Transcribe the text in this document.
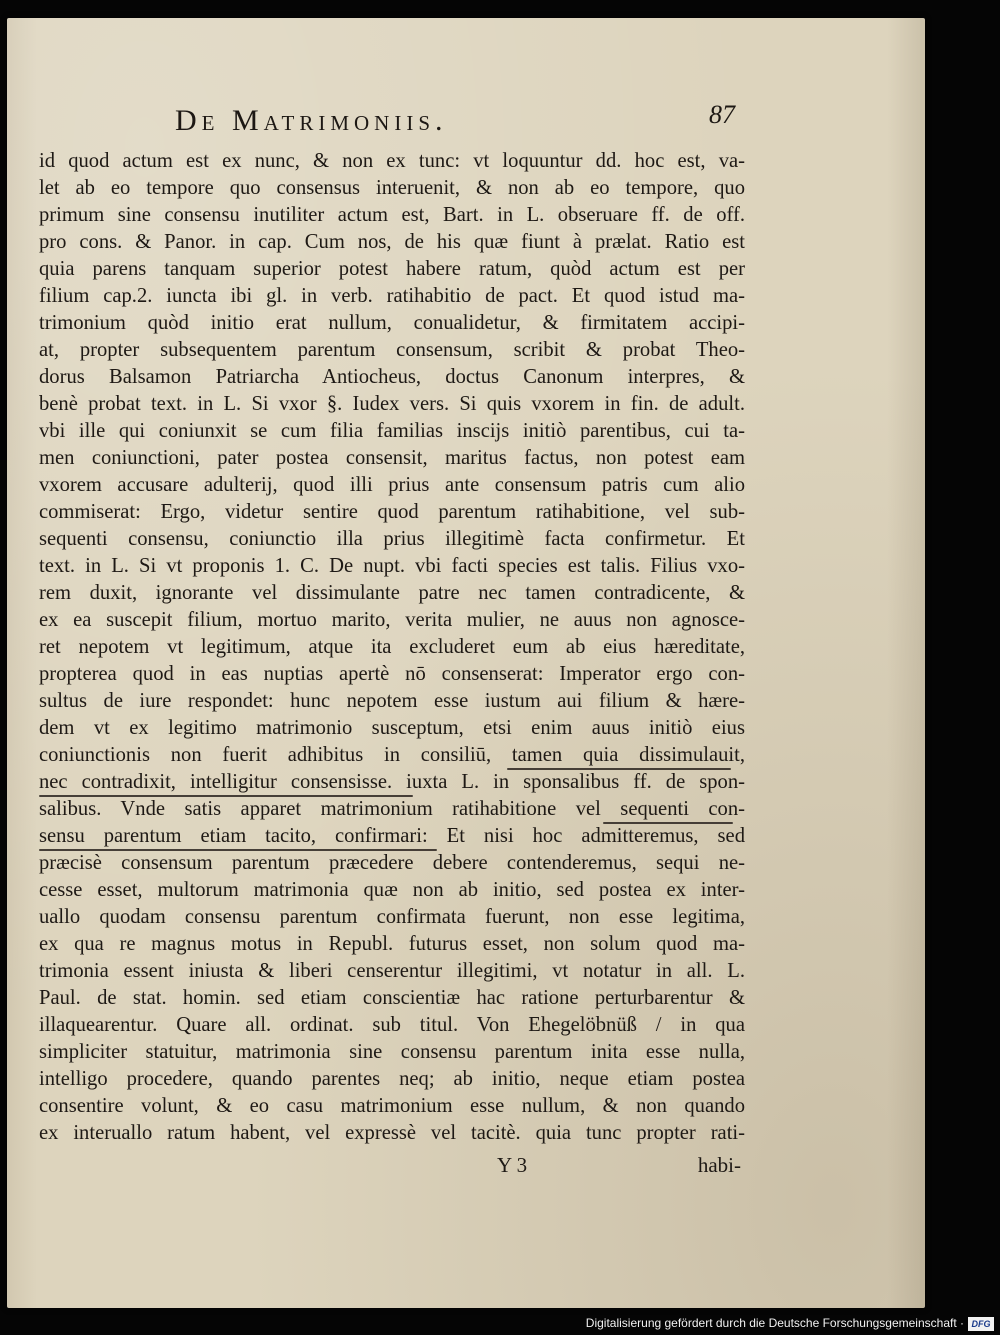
De Matrimoniis.	87
id quod actum est ex nunc, & non ex tunc: vt loquuntur dd. hoc est, va-
let ab eo tempore quo consensus interuenit, & non ab eo tempore, quo
primum sine consensu inutiliter actum est, Bart. in L. obseruare ff. de off.
pro cons. & Panor. in cap. Cum nos, de his quæ fiunt à prælat. Ratio est
quia parens tanquam superior potest habere ratum, quòd actum est per
filium cap.2. iuncta ibi gl. in verb. ratihabitio de pact. Et quod istud ma-
trimonium quòd initio erat nullum, conualidetur, & firmitatem accipi-
at, propter subsequentem parentum consensum, scribit & probat Theo-
dorus Balsamon Patriarcha Antiocheus, doctus Canonum interpres, &
benè probat text. in L. Si vxor §. Iudex vers. Si quis vxorem in fin. de adult.
vbi ille qui coniunxit se cum filia familias inscijs initiò parentibus, cui ta-
men coniunctioni, pater postea consensit, maritus factus, non potest eam
vxorem accusare adulterij, quod illi prius ante consensum patris cum alio
commiserat: Ergo, videtur sentire quod parentum ratihabitione, vel sub-
sequenti consensu, coniunctio illa prius illegitimè facta confirmetur. Et
text. in L. Si vt proponis 1. C. De nupt. vbi facti species est talis. Filius vxo-
rem duxit, ignorante vel dissimulante patre nec tamen contradicente, &
ex ea suscepit filium, mortuo marito, verita mulier, ne auus non agnosce-
ret nepotem vt legitimum, atque ita excluderet eum ab eius hæreditate,
propterea quod in eas nuptias apertè nō consenserat: Imperator ergo con-
sultus de iure respondet: hunc nepotem esse iustum aui filium & hære-
dem vt ex legitimo matrimonio susceptum, etsi enim auus initiò eius
coniunctionis non fuerit adhibitus in consiliū, tamen quia dissimulauit,
nec contradixit, intelligitur consensisse. iuxta L. in sponsalibus ff. de spon-
salibus. Vnde satis apparet matrimonium ratihabitione vel sequenti con-
sensu parentum etiam tacito, confirmari: Et nisi hoc admitteremus, sed
præcisè consensum parentum præcedere debere contenderemus, sequi ne-
cesse esset, multorum matrimonia quæ non ab initio, sed postea ex inter-
uallo quodam consensu parentum confirmata fuerunt, non esse legitima,
ex qua re magnus motus in Republ. futurus esset, non solum quod ma-
trimonia essent iniusta & liberi censerentur illegitimi, vt notatur in all. L.
Paul. de stat. homin. sed etiam conscientiæ hac ratione perturbarentur &
illaquearentur. Quare all. ordinat. sub titul. Von Ehegelöbnüß / in qua
simpliciter statuitur, matrimonia sine consensu parentum inita esse nulla,
intelligo procedere, quando parentes neq; ab initio, neque etiam postea
consentire volunt, & eo casu matrimonium esse nullum, & non quando
ex interuallo ratum habent, vel expressè vel tacitè. quia tunc propter rati-
Y 3	habi-
Digitalisierung gefördert durch die Deutsche Forschungsgemeinschaft · DFG
